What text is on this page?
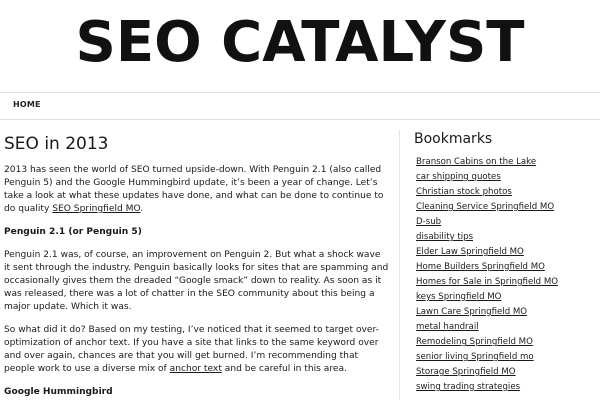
SEO CATALYST
HOME
SEO in 2013

2013 has seen the world of SEO turned upside-down. With Penguin 2.1 (also called Penguin 5) and the Google Hummingbird update, it’s been a year of change. Let’s take a look at what these updates have done, and what can be done to continue to do quality SEO Springfield MO.

Penguin 2.1 (or Penguin 5)

Penguin 2.1 was, of course, an improvement on Penguin 2. But what a shock wave it sent through the industry. Penguin basically looks for sites that are spamming and occasionally gives them the dreaded “Google smack” down to reality. As soon as it was released, there was a lot of chatter in the SEO community about this being a major update. Which it was.

So what did it do? Based on my testing, I’ve noticed that it seemed to target over-optimization of anchor text. If you have a site that links to the same keyword over and over again, chances are that you will get burned. I’m recommending that people work to use a diverse mix of anchor text and be careful in this area.

Google Hummingbird

Bookmarks
Branson Cabins on the Lake
car shipping quotes
Christian stock photos
Cleaning Service Springfield MO
D-sub
disability tips
Elder Law Springfield MO
Home Builders Springfield MO
Homes for Sale in Springfield MO
keys Springfield MO
Lawn Care Springfield MO
metal handrail
Remodeling Springfield MO
senior living Springfield mo
Storage Springfield MO
swing trading strategies
